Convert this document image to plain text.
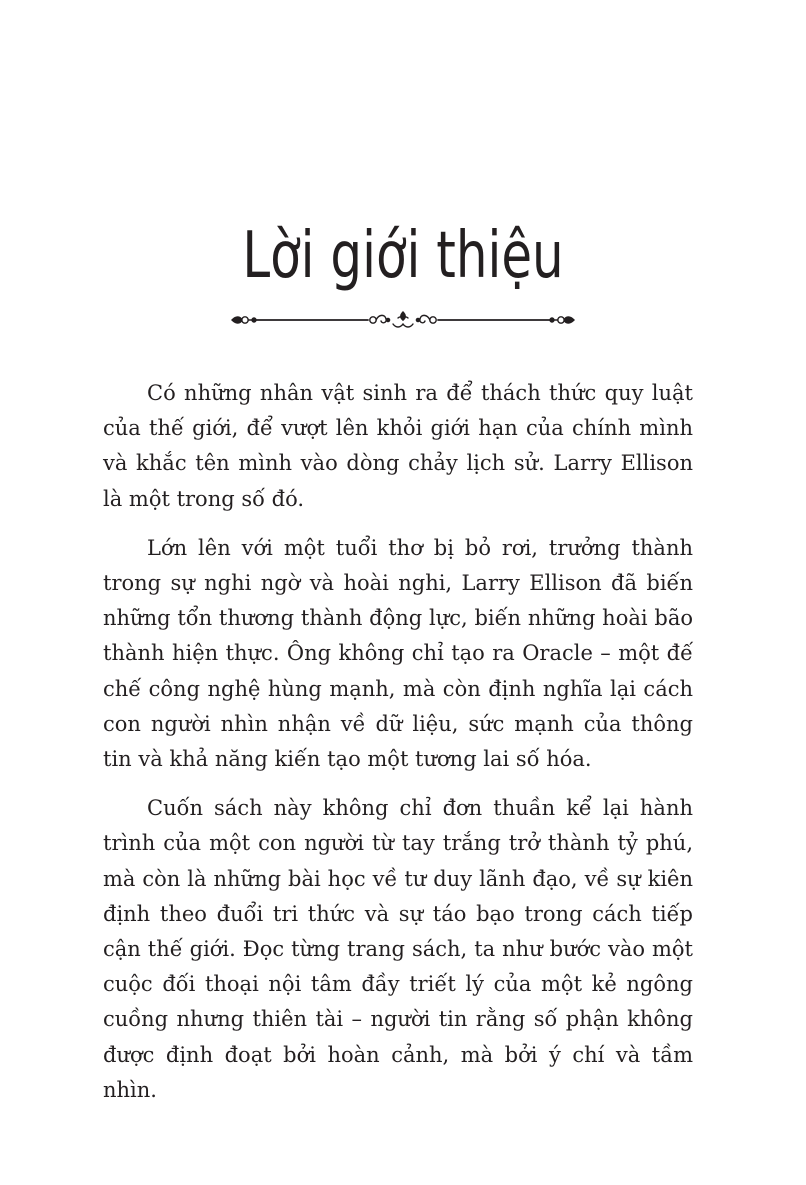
Lời giới thiệu

Có những nhân vật sinh ra để thách thức quy luật của thế giới, để vượt lên khỏi giới hạn của chính mình và khắc tên mình vào dòng chảy lịch sử. Larry Ellison là một trong số đó.

Lớn lên với một tuổi thơ bị bỏ rơi, trưởng thành trong sự nghi ngờ và hoài nghi, Larry Ellison đã biến những tổn thương thành động lực, biến những hoài bão thành hiện thực. Ông không chỉ tạo ra Oracle – một đế chế công nghệ hùng mạnh, mà còn định nghĩa lại cách con người nhìn nhận về dữ liệu, sức mạnh của thông tin và khả năng kiến tạo một tương lai số hóa.

Cuốn sách này không chỉ đơn thuần kể lại hành trình của một con người từ tay trắng trở thành tỷ phú, mà còn là những bài học về tư duy lãnh đạo, về sự kiên định theo đuổi tri thức và sự táo bạo trong cách tiếp cận thế giới. Đọc từng trang sách, ta như bước vào một cuộc đối thoại nội tâm đầy triết lý của một kẻ ngông cuồng nhưng thiên tài – người tin rằng số phận không được định đoạt bởi hoàn cảnh, mà bởi ý chí và tầm nhìn.
